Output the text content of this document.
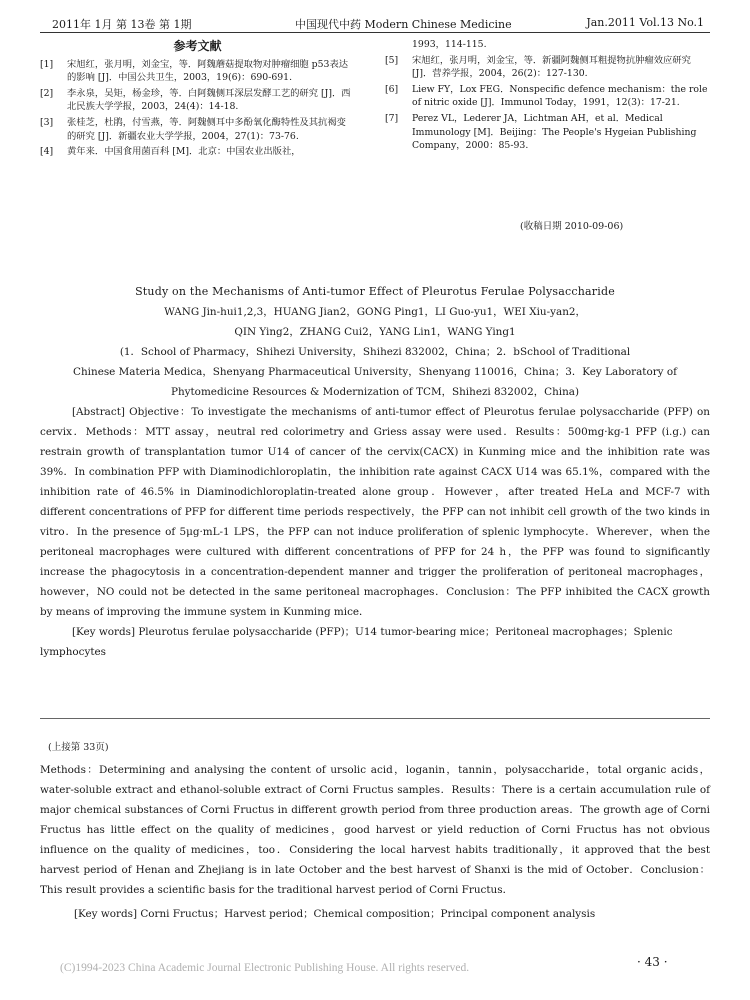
2011年 1月 第 13卷 第 1期	中国现代中药 Modern Chinese Medicine	Jan.2011 Vol.13 No.1
参考文献
[1] 宋旭红，张月明，刘金宝，等．阿魏蘑菇提取物对肿瘤细胞 p53表达的影响 [J]．中国公共卫生，2003，19(6)：690-691.
[2] 李永泉，吴矩，杨金珍，等．白阿魏侧耳深层发酵工艺的研究 [J]．西北民族大学学报，2003，24(4)：14-18.
[3] 张桂芝，杜鹃，付雪燕，等．阿魏侧耳中多酚氧化酶特性及其抗褐变的研究 [J]．新疆农业大学学报，2004，27(1)：73-76.
[4] 黄年来．中国食用菌百科 [M]．北京：中国农业出版社，
1993，114-115.
[5] 宋旭红，张月明，刘金宝，等．新疆阿魏侧耳粗提物抗肿瘤效应研究 [J]．营养学报，2004，26(2)：127-130.
[6] Liew FY，Lox FEG．Nonspecific defence mechanism：the role of nitric oxide [J]．Immunol Today，1991，12(3)：17-21.
[7] Perez VL，Lederer JA，Lichtman AH，et al．Medical Immunology [M]．Beijing：The People's Hygeian Publishing Company，2000：85-93.
(收稿日期 2010-09-06)

Study on the Mechanisms of Anti-tumor Effect of Pleurotus Ferulae Polysaccharide

WANG Jin-hui1,2,3，HUANG Jian2，GONG Ping1，LI Guo-yu1，WEI Xiu-yan2，

QIN Ying2，ZHANG Cui2，YANG Lin1，WANG Ying1

(1．School of Pharmacy，Shihezi University，Shihezi 832002，China；2．bSchool of Traditional

Chinese Materia Medica，Shenyang Pharmaceutical University，Shenyang 110016，China；3．Key Laboratory of

Phytomedicine Resources & Modernization of TCM，Shihezi 832002，China)

[Abstract] Objective：To investigate the mechanisms of anti-tumor effect of Pleurotus ferulae polysaccharide (PFP) on cervix．Methods：MTT assay，neutral red colorimetry and Griess assay were used．Results：500mg·kg-1 PFP (i.g.) can restrain growth of transplantation tumor U14 of cancer of the cervix(CACX) in Kunming mice and the inhibition rate was 39%．In combination PFP with Diaminodichloroplatin，the inhibition rate against CACX U14 was 65.1%，compared with the inhibition rate of 46.5% in Diaminodichloroplatin-treated alone group．However，after treated HeLa and MCF-7 with different concentrations of PFP for different time periods respectively，the PFP can not inhibit cell growth of the two kinds in vitro．In the presence of 5μg·mL-1 LPS，the PFP can not induce proliferation of splenic lymphocyte．Wherever，when the peritoneal macrophages were cultured with different concentrations of PFP for 24 h，the PFP was found to significantly increase the phagocytosis in a concentration-dependent manner and trigger the proliferation of peritoneal macrophages，however，NO could not be detected in the same peritoneal macrophages．Conclusion：The PFP inhibited the CACX growth by means of improving the immune system in Kunming mice．

[Key words] Pleurotus ferulae polysaccharide (PFP)；U14 tumor-bearing mice；Peritoneal macrophages；Splenic lymphocytes

(上接第 33页)

Methods：Determining and analysing the content of ursolic acid，loganin，tannin，polysaccharide，total organic acids，water-soluble extract and ethanol-soluble extract of Corni Fructus samples．Results：There is a certain accumulation rule of major chemical substances of Corni Fructus in different growth period from three production areas．The growth age of Corni Fructus has little effect on the quality of medicines，good harvest or yield reduction of Corni Fructus has not obvious influence on the quality of medicines，too．Considering the local harvest habits traditionally，it approved that the best harvest period of Henan and Zhejiang is in late October and the best harvest of Shanxi is the mid of October．Conclusion：This result provides a scientific basis for the traditional harvest period of Corni Fructus．

[Key words] Corni Fructus；Harvest period；Chemical composition；Principal component analysis

(C)1994-2023 China Academic Journal Electronic Publishing House. All rights reserved.	· 43 ·
